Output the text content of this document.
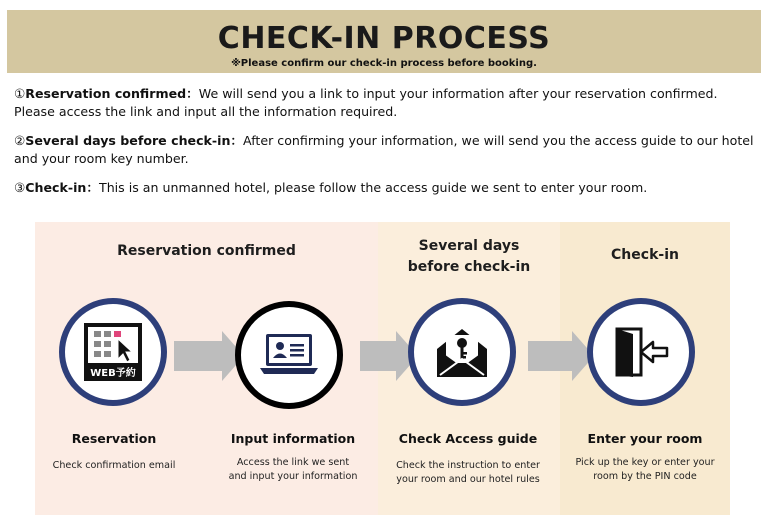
CHECK-IN PROCESS
※Please confirm our check-in process before booking.
①Reservation confirmed：We will send you a link to input your information after your reservation confirmed. Please access the link and input all the information required.
②Several days before check-in：After confirming your information, we will send you the access guide to our hotel and your room key number.
③Check-in：This is an unmanned hotel, please follow the access guide we sent to enter your room.
Reservation confirmed	Several days
before check-in
Check-in
WEB予約
Reservation	Input information	Check Access guide	Enter your room
Check confirmation email	Access the link we sent
and input your information
Check the instruction to enter
your room and our hotel rules
Pick up the key or enter your
room by the PIN code
